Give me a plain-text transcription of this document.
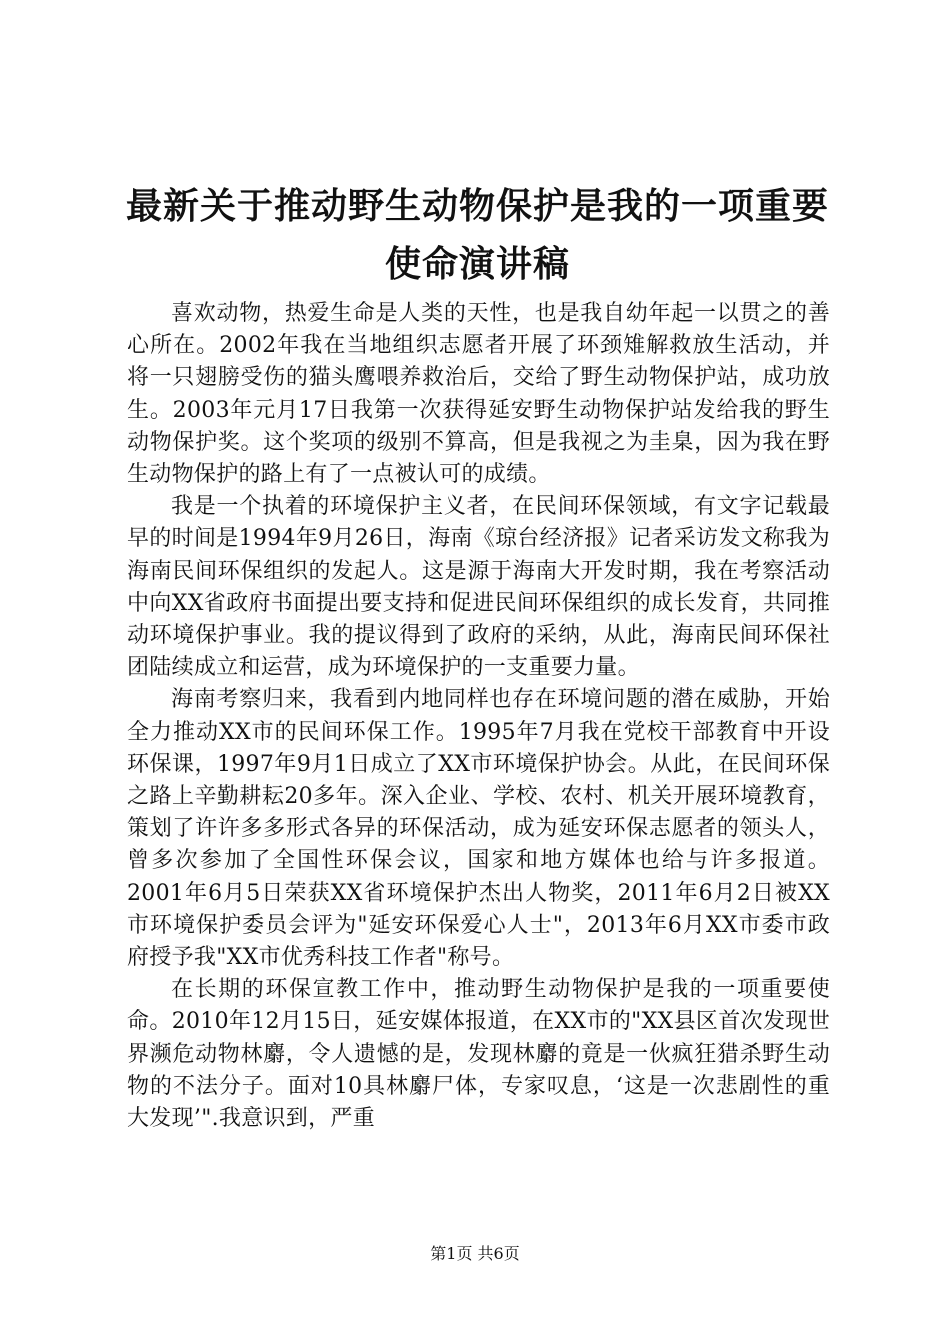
最新关于推动野生动物保护是我的一项重要使命演讲稿

喜欢动物，热爱生命是人类的天性，也是我自幼年起一以贯之的善心所在。2002年我在当地组织志愿者开展了环颈雉解救放生活动，并将一只翅膀受伤的猫头鹰喂养救治后，交给了野生动物保护站，成功放生。2003年元月17日我第一次获得延安野生动物保护站发给我的野生动物保护奖。这个奖项的级别不算高，但是我视之为圭臬，因为我在野生动物保护的路上有了一点被认可的成绩。

我是一个执着的环境保护主义者，在民间环保领域，有文字记载最早的时间是1994年9月26日，海南《琼台经济报》记者采访发文称我为海南民间环保组织的发起人。这是源于海南大开发时期，我在考察活动中向XX省政府书面提出要支持和促进民间环保组织的成长发育，共同推动环境保护事业。我的提议得到了政府的采纳，从此，海南民间环保社团陆续成立和运营，成为环境保护的一支重要力量。

海南考察归来，我看到内地同样也存在环境问题的潜在威胁，开始全力推动XX市的民间环保工作。1995年7月我在党校干部教育中开设环保课，1997年9月1日成立了XX市环境保护协会。从此，在民间环保之路上辛勤耕耘20多年。深入企业、学校、农村、机关开展环境教育，策划了许许多多形式各异的环保活动，成为延安环保志愿者的领头人，曾多次参加了全国性环保会议，国家和地方媒体也给与许多报道。2001年6月5日荣获XX省环境保护杰出人物奖，2011年6月2日被XX市环境保护委员会评为"延安环保爱心人士"，2013年6月XX市委市政府授予我"XX市优秀科技工作者"称号。

在长期的环保宣教工作中，推动野生动物保护是我的一项重要使命。2010年12月15日，延安媒体报道，在XX市的"XX县区首次发现世界濒危动物林麝，令人遗憾的是，发现林麝的竟是一伙疯狂猎杀野生动物的不法分子。面对10具林麝尸体，专家叹息，‘这是一次悲剧性的重大发现’".我意识到，严重

第1页 共6页
